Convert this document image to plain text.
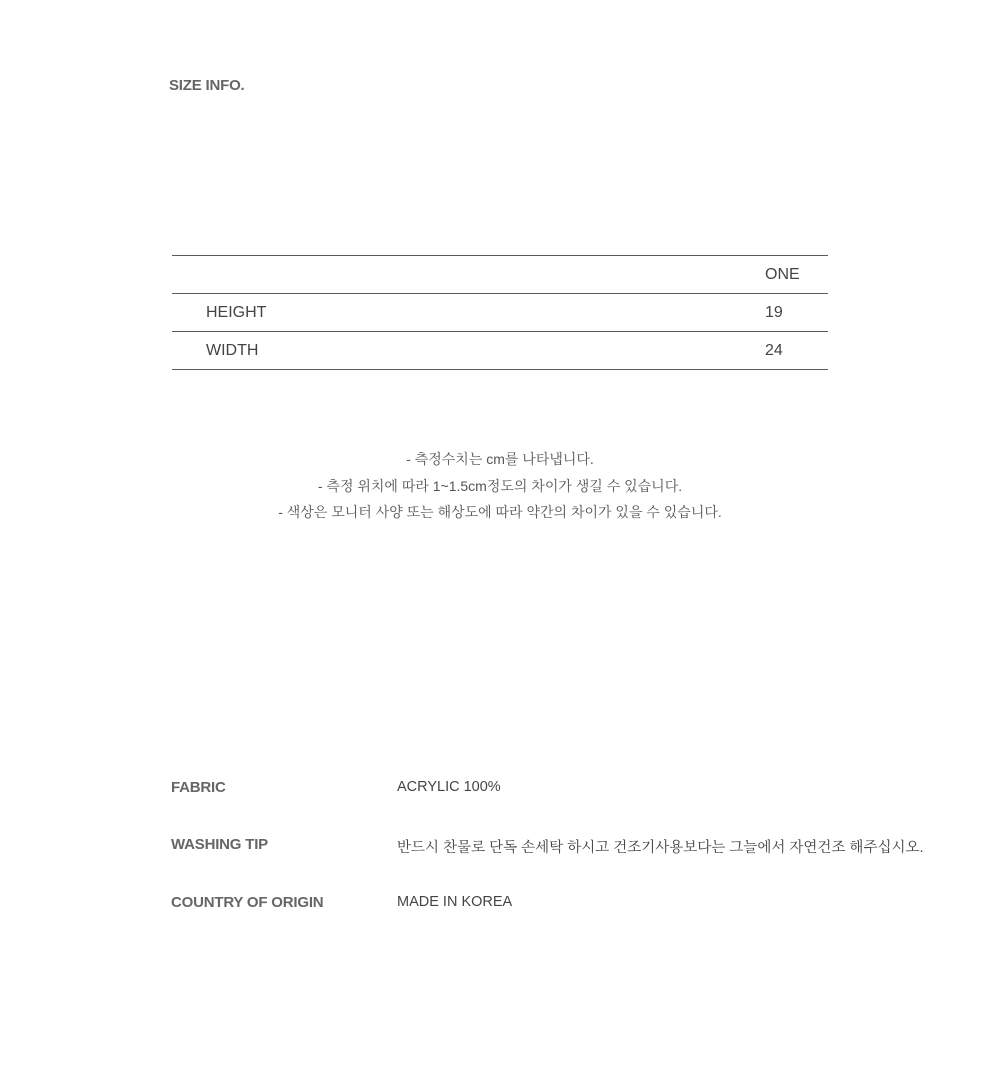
SIZE INFO.
	ONE
HEIGHT	19
WIDTH	24
- 측정수치는 cm를 나타냅니다.
- 측정 위치에 따라 1~1.5cm정도의 차이가 생길 수 있습니다.
- 색상은 모니터 사양 또는 해상도에 따라 약간의 차이가 있을 수 있습니다.
FABRIC	ACRYLIC 100%
WASHING TIP	반드시 찬물로 단독 손세탁 하시고 건조기사용보다는 그늘에서 자연건조 해주십시오.
COUNTRY OF ORIGIN	MADE IN KOREA
